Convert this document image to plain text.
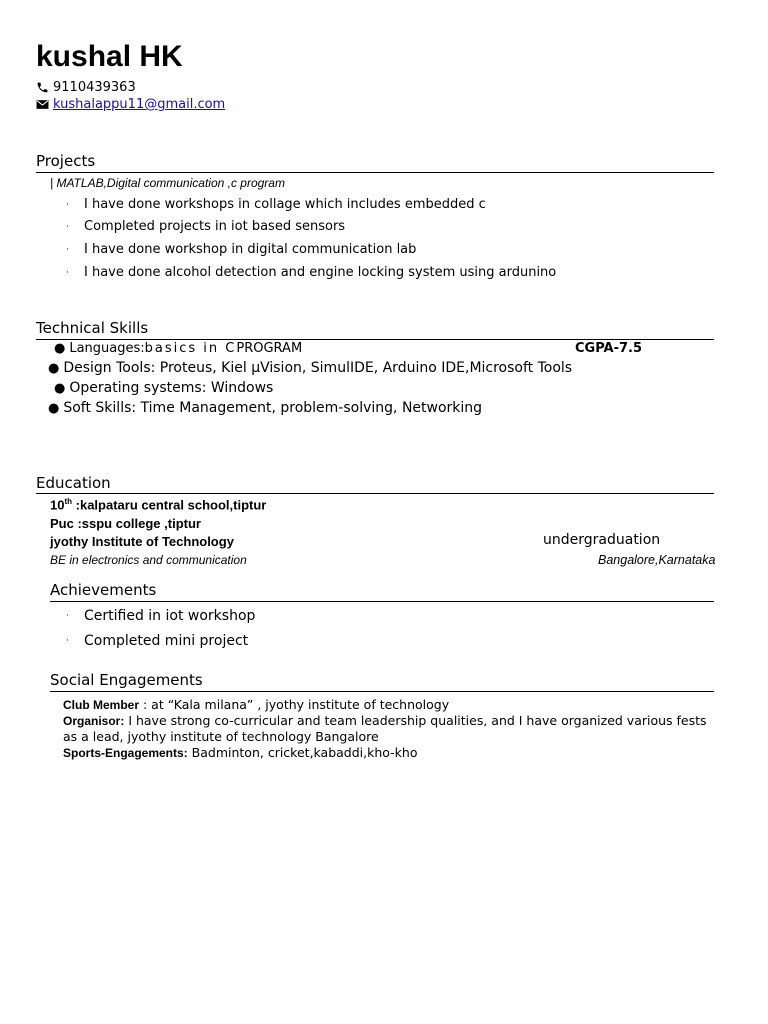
kushal HK
9110439363
kushalappu11@gmail.com
Projects
| MATLAB,Digital communication ,c program
·	I have done workshops in collage which includes embedded c
·	Completed projects in iot based sensors
·	I have done workshop in digital communication lab
·	I have done alcohol detection and engine locking system using ardunino
Technical Skills
● Languages: basics in C PROGRAM	CGPA-7.5
● Design Tools: Proteus, Kiel µVision, SimulIDE, Arduino IDE,Microsoft Tools
● Operating systems: Windows
● Soft Skills: Time Management, problem-solving, Networking
Education
10th :kalpataru central school,tiptur
Puc :sspu college ,tiptur
jyothy Institute of Technology	undergraduation
BE in electronics and communication	Bangalore,Karnataka
Achievements
·	Certified in iot workshop
·	Completed mini project
Social Engagements
Club Member : at “Kala milana” , jyothy institute of technology
Organisor: I have strong co-curricular and team leadership qualities, and I have organized various fests as a lead, jyothy institute of technology Bangalore
Sports-Engagements: Badminton, cricket,kabaddi,kho-kho
